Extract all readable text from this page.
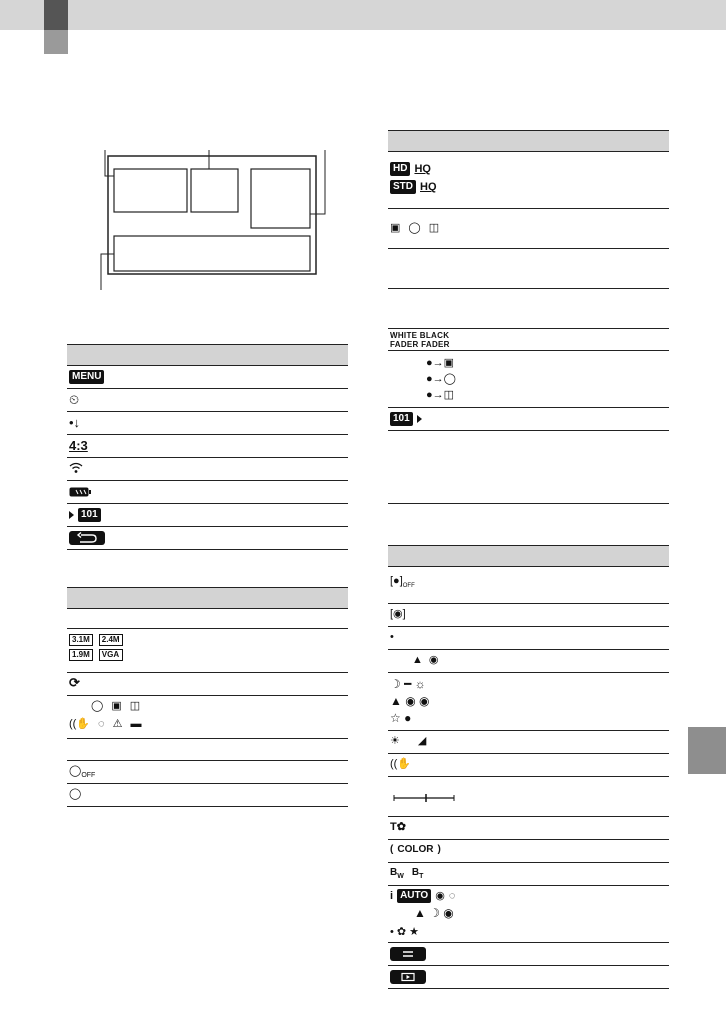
MENU
⏲
•↓
4:3
101
3.1M	2.4M
1.9M	VGA
⟳
◯ ▣ ◫
((✋ ◌ ⚠ ▬
$◯_{OFF}$
◯
HD HQ
STD HQ
▣ ◯ ◫
WHITE BLACK
FADER FADER
●→▣
●→◯
●→◫
101
$[●]_{OFF}$
[◉]
•
▲ ◉
☽ ━ ☼
▲ ◉ ◉
☆ ●
☀ ◢
((✋
T✿
( COLOR )
$B_W$ $B_T$
i AUTO ◉ ◌
▲ ☽ ◉
• ✿ ★
